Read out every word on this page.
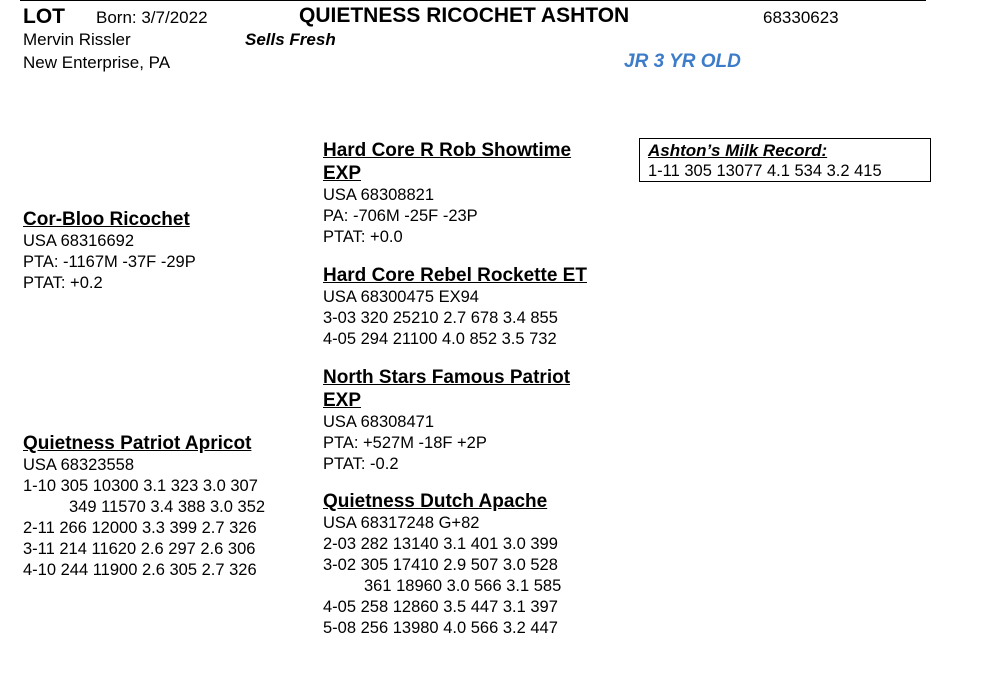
LOT Born: 3/7/2022	QUIETNESS RICOCHET ASHTON	68330623
Mervin Rissler	Sells Fresh
New Enterprise, PA	JR 3 YR OLD
Cor-Bloo Ricochet
USA 68316692
PTA: -1167M -37F -29P
PTAT: +0.2
Quietness Patriot Apricot
USA 68323558
1-10 305 10300 3.1 323 3.0 307
349 11570 3.4 388 3.0 352
2-11 266 12000 3.3 399 2.7 326
3-11 214 11620 2.6 297 2.6 306
4-10 244 11900 2.6 305 2.7 326
Hard Core R Rob Showtime
EXP
USA 68308821
PA: -706M -25F -23P
PTAT: +0.0
Hard Core Rebel Rockette ET
USA 68300475 EX94
3-03 320 25210 2.7 678 3.4 855
4-05 294 21100 4.0 852 3.5 732
North Stars Famous Patriot
EXP
USA 68308471
PTA: +527M -18F +2P
PTAT: -0.2
Quietness Dutch Apache
USA 68317248 G+82
2-03 282 13140 3.1 401 3.0 399
3-02 305 17410 2.9 507 3.0 528
361 18960 3.0 566 3.1 585
4-05 258 12860 3.5 447 3.1 397
5-08 256 13980 4.0 566 3.2 447
Ashton’s Milk Record:
1-11 305 13077 4.1 534 3.2 415
